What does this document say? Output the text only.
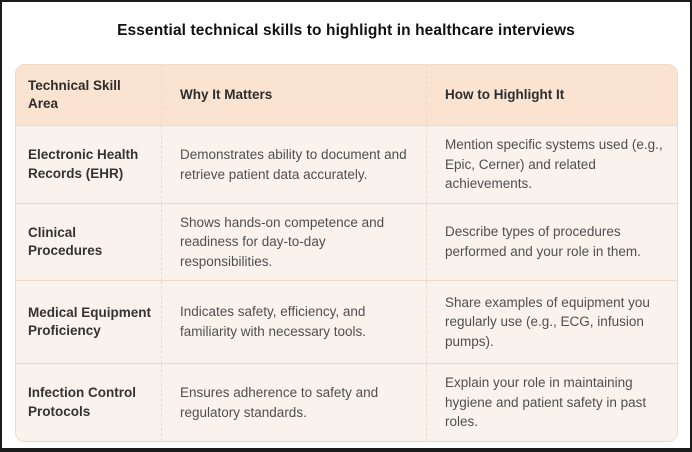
Essential technical skills to highlight in healthcare interviews
Technical Skill Area
Why It Matters	How to Highlight It
Electronic Health Records (EHR)
Demonstrates ability to document and retrieve patient data accurately.
Mention specific systems used (e.g., Epic, Cerner) and related achievements.
Clinical Procedures
Shows hands-on competence and readiness for day-to-day responsibilities.
Describe types of procedures performed and your role in them.
Medical Equipment Proficiency
Indicates safety, efficiency, and familiarity with necessary tools.
Share examples of equipment you regularly use (e.g., ECG, infusion pumps).
Infection Control Protocols
Ensures adherence to safety and regulatory standards.
Explain your role in maintaining hygiene and patient safety in past roles.
